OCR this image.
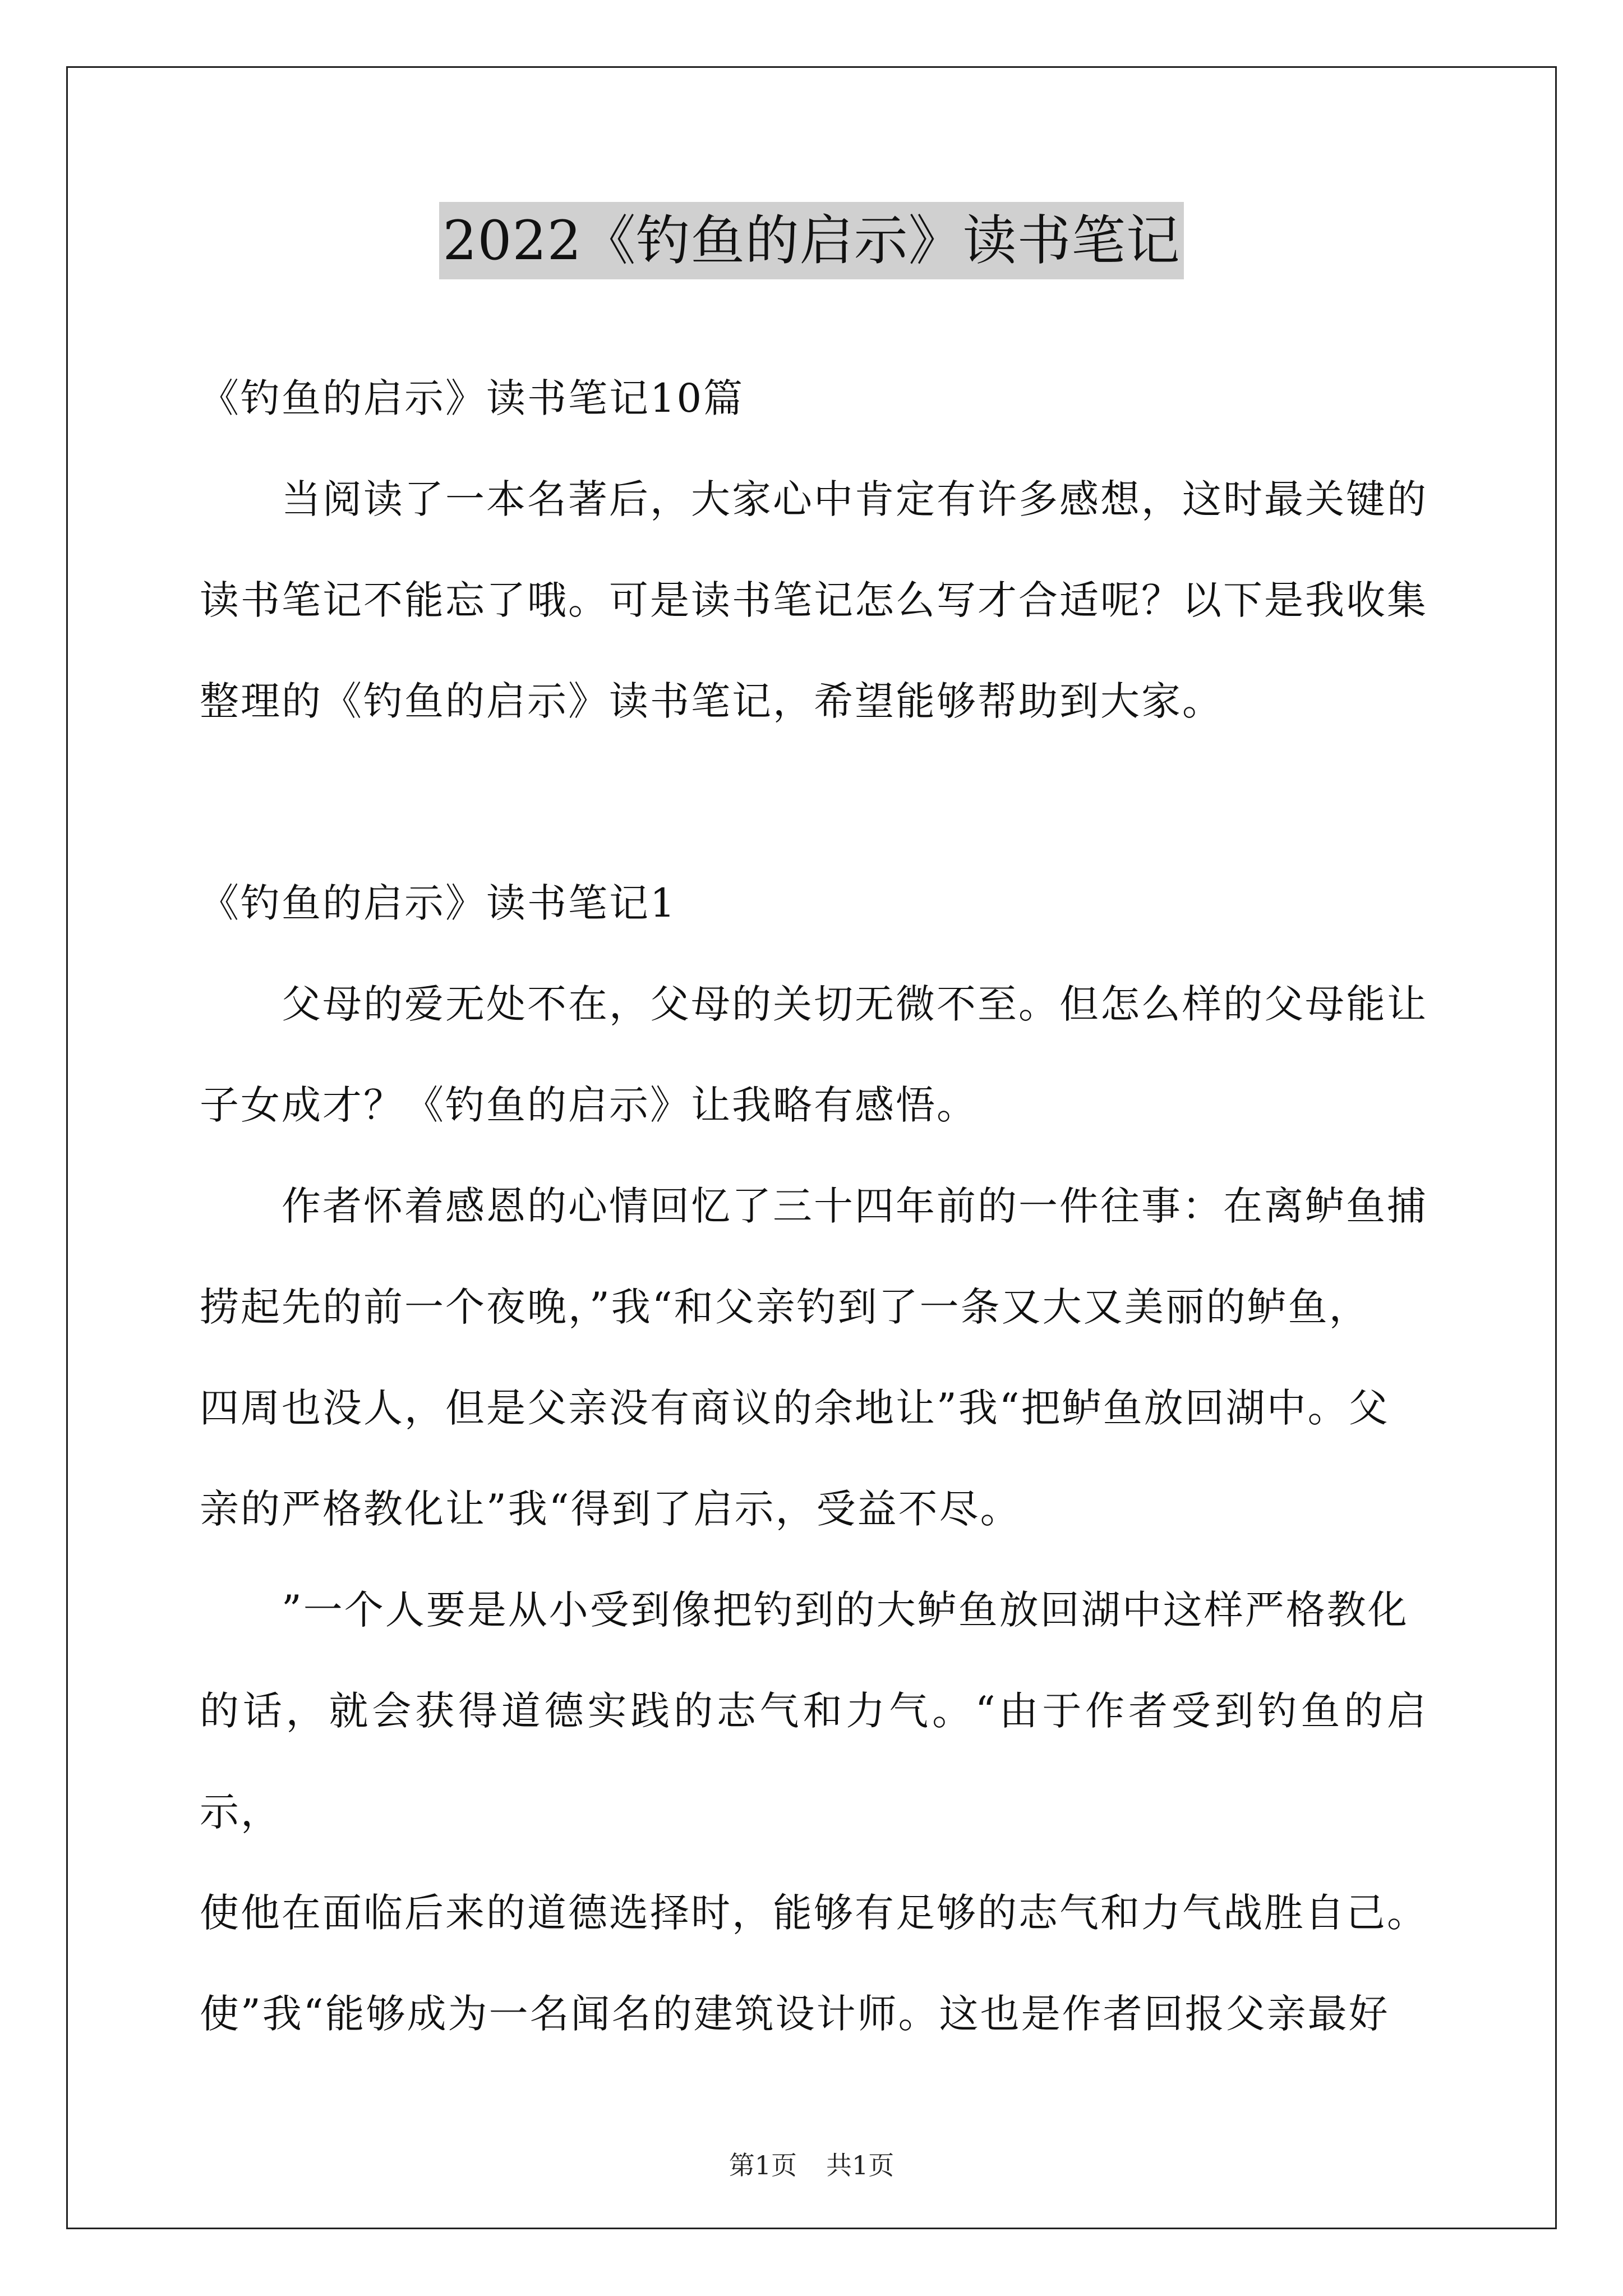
2022《钓鱼的启示》读书笔记

《钓鱼的启示》读书笔记10篇

当阅读了一本名著后，大家心中肯定有许多感想，这时最关键的

读书笔记不能忘了哦。可是读书笔记怎么写才合适呢？以下是我收集

整理的《钓鱼的启示》读书笔记，希望能够帮助到大家。

《钓鱼的启示》读书笔记1

父母的爱无处不在，父母的关切无微不至。但怎么样的父母能让

子女成才？《钓鱼的启示》让我略有感悟。

作者怀着感恩的心情回忆了三十四年前的一件往事：在离鲈鱼捕

捞起先的前一个夜晚，”我“和父亲钓到了一条又大又美丽的鲈鱼，

四周也没人，但是父亲没有商议的余地让”我“把鲈鱼放回湖中。父

亲的严格教化让”我“得到了启示，受益不尽。

”一个人要是从小受到像把钓到的大鲈鱼放回湖中这样严格教化

的话，就会获得道德实践的志气和力气。“由于作者受到钓鱼的启示，

使他在面临后来的道德选择时，能够有足够的志气和力气战胜自己。

使”我“能够成为一名闻名的建筑设计师。这也是作者回报父亲最好

第1页 共1页
